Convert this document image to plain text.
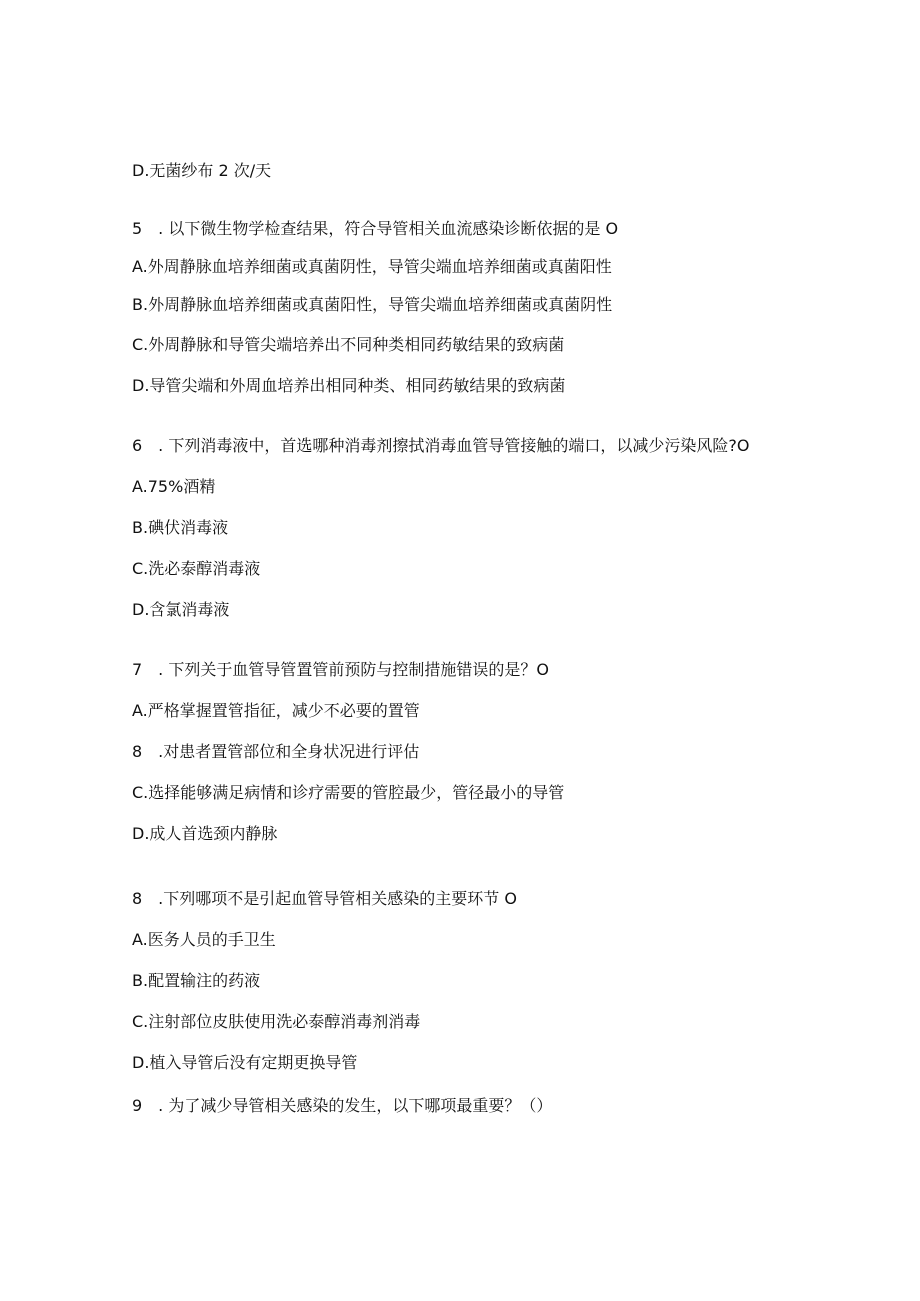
D.无菌纱布 2 次/天
5　. 以下微生物学检查结果，符合导管相关血流感染诊断依据的是 O
A.外周静脉血培养细菌或真菌阴性，导管尖端血培养细菌或真菌阳性
B.外周静脉血培养细菌或真菌阳性，导管尖端血培养细菌或真菌阴性
C.外周静脉和导管尖端培养出不同种类相同药敏结果的致病菌
D.导管尖端和外周血培养出相同种类、相同药敏结果的致病菌
6　. 下列消毒液中，首选哪种消毒剂擦拭消毒血管导管接触的端口，以减少污染风险?O
A.75%酒精
B.碘伏消毒液
C.洗必泰醇消毒液
D.含氯消毒液
7　. 下列关于血管导管置管前预防与控制措施错误的是？O
A.严格掌握置管指征，减少不必要的置管
8　.对患者置管部位和全身状况进行评估
C.选择能够满足病情和诊疗需要的管腔最少，管径最小的导管
D.成人首选颈内静脉
8　.下列哪项不是引起血管导管相关感染的主要环节 O
A.医务人员的手卫生
B.配置输注的药液
C.注射部位皮肤使用洗必泰醇消毒剂消毒
D.植入导管后没有定期更换导管
9　. 为了减少导管相关感染的发生，以下哪项最重要？（）
